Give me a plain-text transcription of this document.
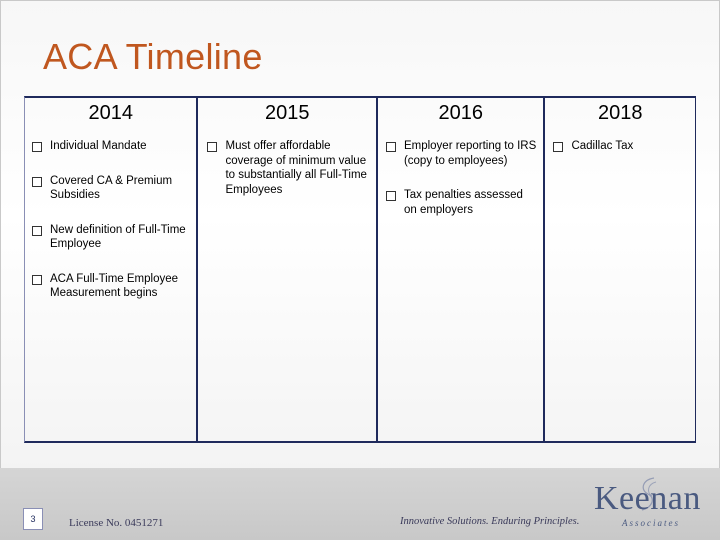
ACA Timeline
2014
Individual Mandate
Covered CA & Premium Subsidies
New definition of Full-Time Employee
ACA Full-Time Employee Measurement begins
2015
Must offer affordable coverage of minimum value to substantially all Full-Time Employees
2016
Employer reporting to IRS (copy to employees)
Tax penalties assessed on employers
2018
Cadillac Tax
3	License No. 0451271	Innovative Solutions. Enduring Principles.
Keenan
Associates
